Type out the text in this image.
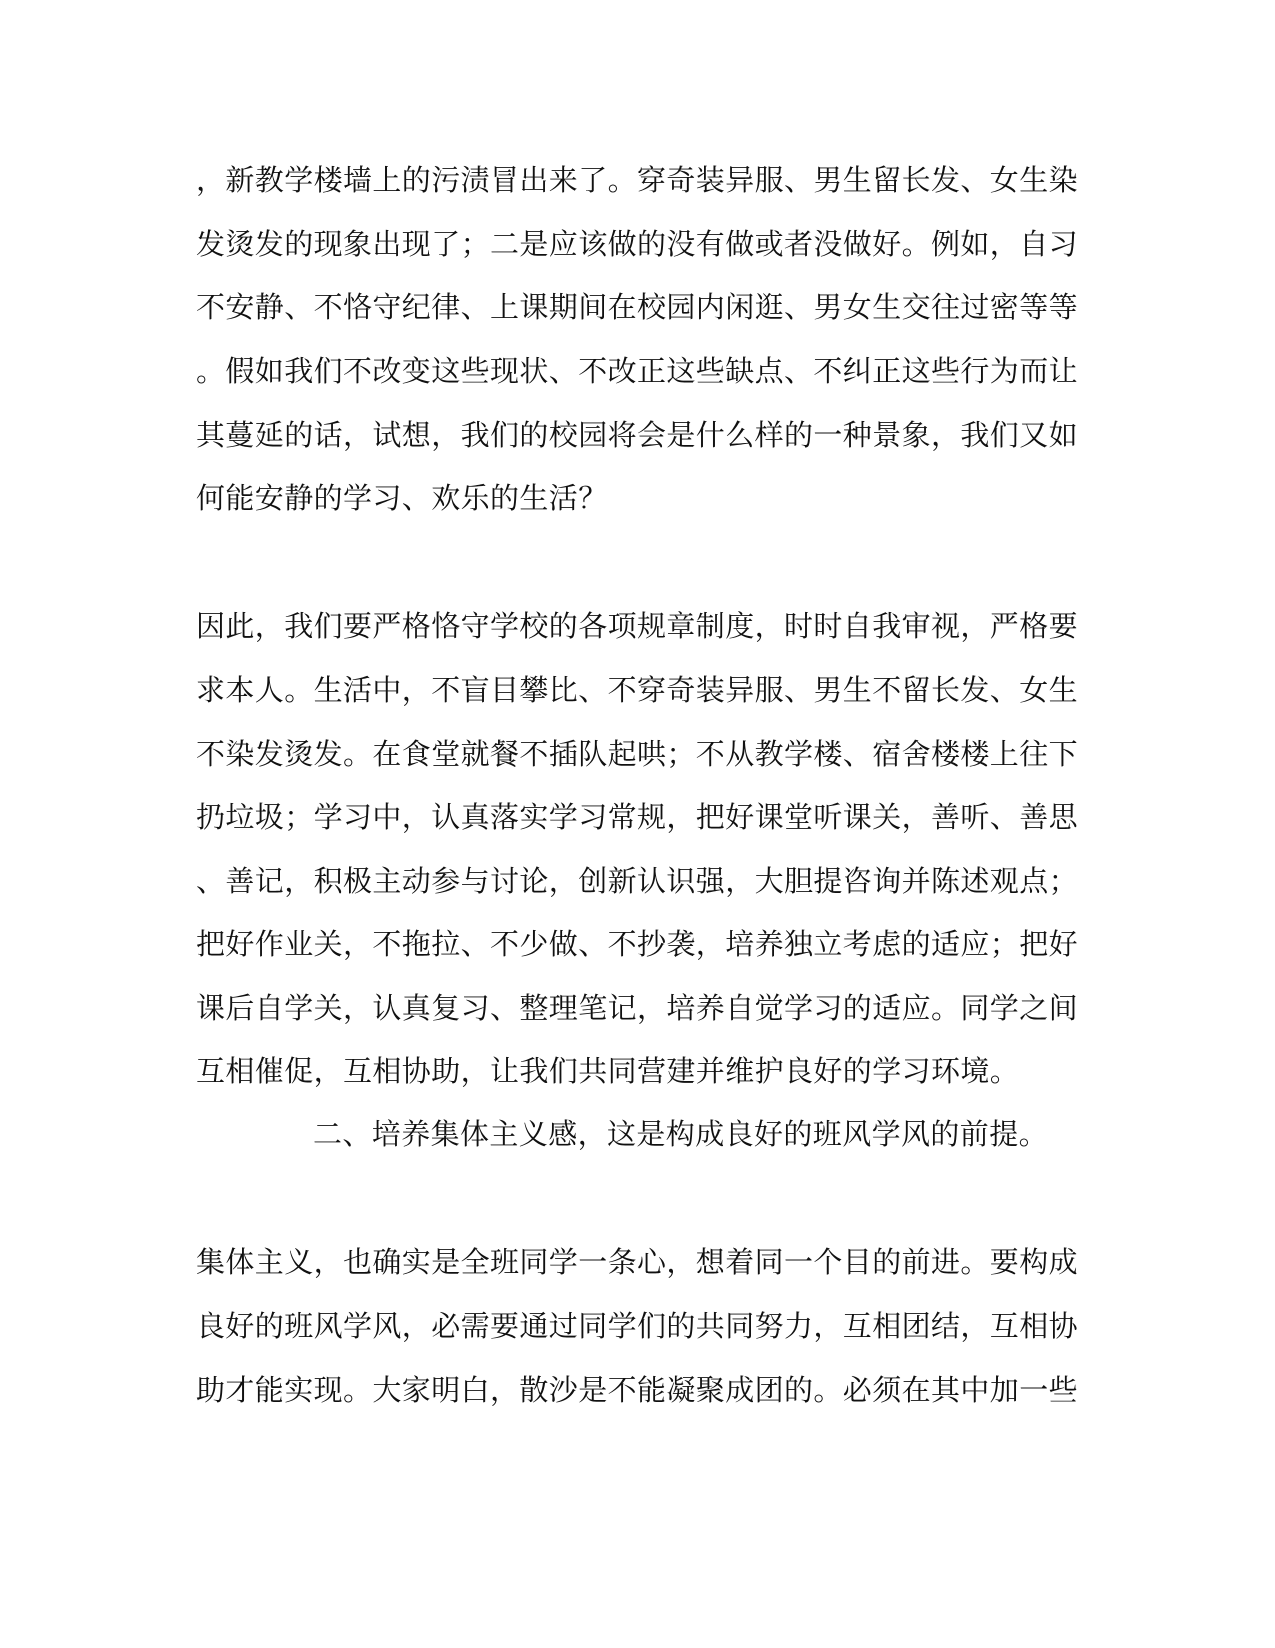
，新教学楼墙上的污渍冒出来了。穿奇装异服、男生留长发、女生染
发烫发的现象出现了；二是应该做的没有做或者没做好。例如，自习
不安静、不恪守纪律、上课期间在校园内闲逛、男女生交往过密等等
。假如我们不改变这些现状、不改正这些缺点、不纠正这些行为而让
其蔓延的话，试想，我们的校园将会是什么样的一种景象，我们又如
何能安静的学习、欢乐的生活？
因此，我们要严格恪守学校的各项规章制度，时时自我审视，严格要
求本人。生活中，不盲目攀比、不穿奇装异服、男生不留长发、女生
不染发烫发。在食堂就餐不插队起哄；不从教学楼、宿舍楼楼上往下
扔垃圾；学习中，认真落实学习常规，把好课堂听课关，善听、善思
、善记，积极主动参与讨论，创新认识强，大胆提咨询并陈述观点；
把好作业关，不拖拉、不少做、不抄袭，培养独立考虑的适应；把好
课后自学关，认真复习、整理笔记，培养自觉学习的适应。同学之间
互相催促，互相协助，让我们共同营建并维护良好的学习环境。
二、培养集体主义感，这是构成良好的班风学风的前提。
集体主义，也确实是全班同学一条心，想着同一个目的前进。要构成
良好的班风学风，必需要通过同学们的共同努力，互相团结，互相协
助才能实现。大家明白，散沙是不能凝聚成团的。必须在其中加一些
